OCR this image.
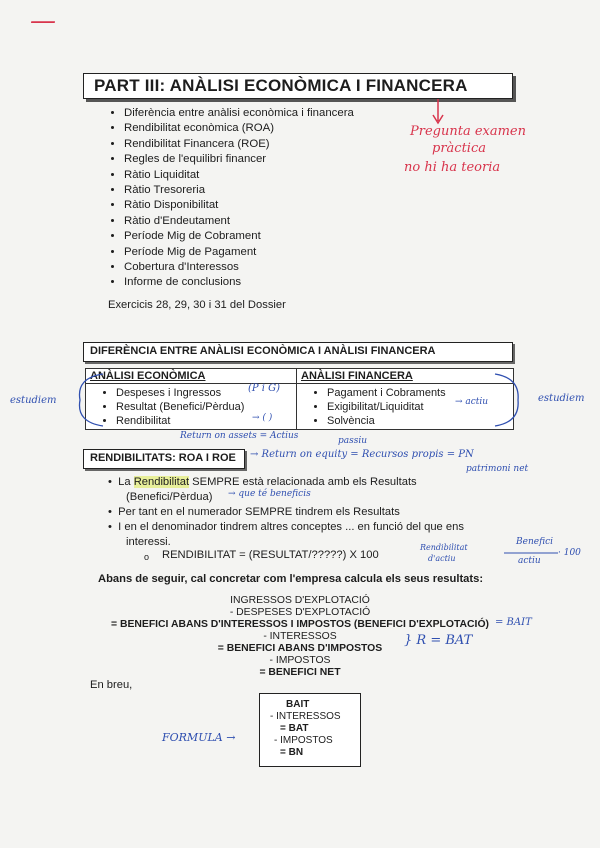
—
PART III: ANÀLISI ECONÒMICA I FINANCERA
Pregunta examen
pràctica
no hi ha teoria
• Diferència entre anàlisi econòmica i financera
• Rendibilitat econòmica (ROA)
• Rendibilitat Financera (ROE)
• Regles de l'equilibri financer
• Ràtio Liquiditat
• Ràtio Tresoreria
• Ràtio Disponibilitat
• Ràtio d'Endeutament
• Període Mig de Cobrament
• Període Mig de Pagament
• Cobertura d'Interessos
• Informe de conclusions
Exercicis 28, 29, 30 i 31 del Dossier
DIFERÈNCIA ENTRE ANÀLISI ECONÒMICA I ANÀLISI FINANCERA
ANÀLISI ECONÒMICA
• Despeses i Ingressos
• Resultat (Benefici/Pèrdua)
• Rendibilitat
ANÀLISI FINANCERA
• Pagament i Cobraments
• Exigibilitat/Liquiditat
• Solvència
estudiem	estudiem
(P i G)
→ ( )
→ actiu
Return on assets = Actius	passiu
RENDIBILITATS: ROA I ROE → Return on equity = Recursos propis = PN
patrimoni net
• La Rendibilitat SEMPRE està relacionada amb els Resultats
(Benefici/Pèrdua) → que té beneficis
• Per tant en el numerador SEMPRE tindrem els Resultats
• I en el denominador tindrem altres conceptes ... en funció del que ens
interessi.
o RENDIBILITAT = (RESULTAT/?????) X 100
Rendibilitat
d'actiu
Benefici
actiu
· 100
Abans de seguir, cal concretar com l'empresa calcula els seus resultats:
INGRESSOS D'EXPLOTACIÓ
- DESPESES D'EXPLOTACIÓ
= BENEFICI ABANS D'INTERESSOS I IMPOSTOS (BENEFICI D'EXPLOTACIÓ)
- INTERESSOS
= BENEFICI ABANS D'IMPOSTOS
- IMPOSTOS
= BENEFICI NET
= BAIT
} R = BAT
En breu,
BAIT
- INTERESSOS
= BAT
- IMPOSTOS
= BN
FORMULA →
